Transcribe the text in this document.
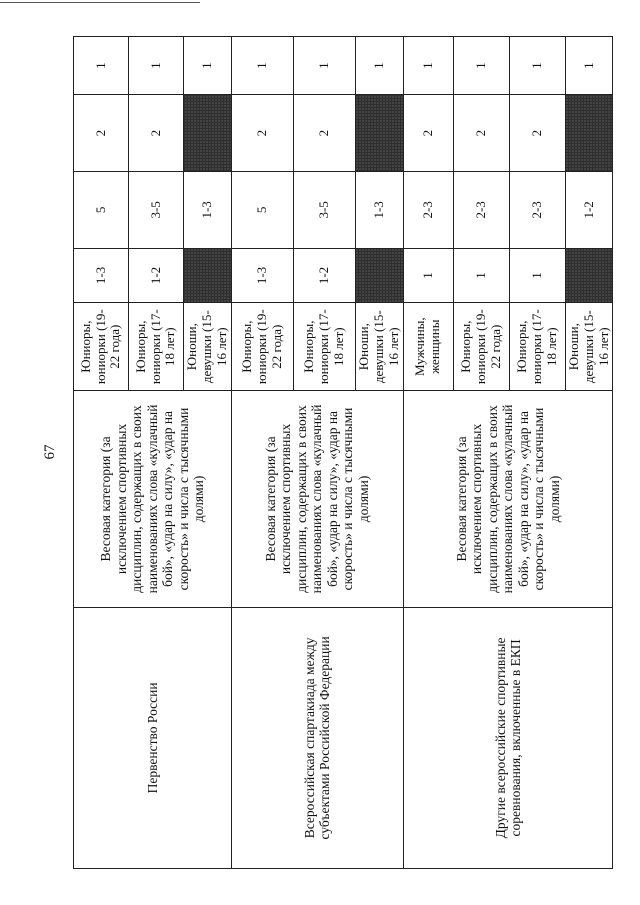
67
Первенство России	Весовая категория (за исключением спортивных дисциплин, содержащих в своих наименованиях слова «кулачный бой», «удар на силу», «удар на скорость» и числа с тысячными долями)	Юниоры, юниорки (19-22 года)	1-3	5	2	1
		Юниоры, юниорки (17-18 лет)	1-2	3-5	2	1
		Юноши, девушки (15-16 лет)		1-3		1
Всероссийская спартакиада между субъектами Российской Федерации	Весовая категория (за исключением спортивных дисциплин, содержащих в своих наименованиях слова «кулачный бой», «удар на силу», «удар на скорость» и числа с тысячными долями)	Юниоры, юниорки (19-22 года)	1-3	5	2	1
		Юниоры, юниорки (17-18 лет)	1-2	3-5	2	1
		Юноши, девушки (15-16 лет)		1-3		1
Другие всероссийские спортивные соревнования, включенные в ЕКП	Весовая категория (за исключением спортивных дисциплин, содержащих в своих наименованиях слова «кулачный бой», «удар на силу», «удар на скорость» и числа с тысячными долями)	Мужчины, женщины	1	2-3	2	1
		Юниоры, юниорки (19-22 года)	1	2-3	2	1
		Юниоры, юниорки (17-18 лет)	1	2-3	2	1
		Юноши, девушки (15-16 лет)		1-2		1
